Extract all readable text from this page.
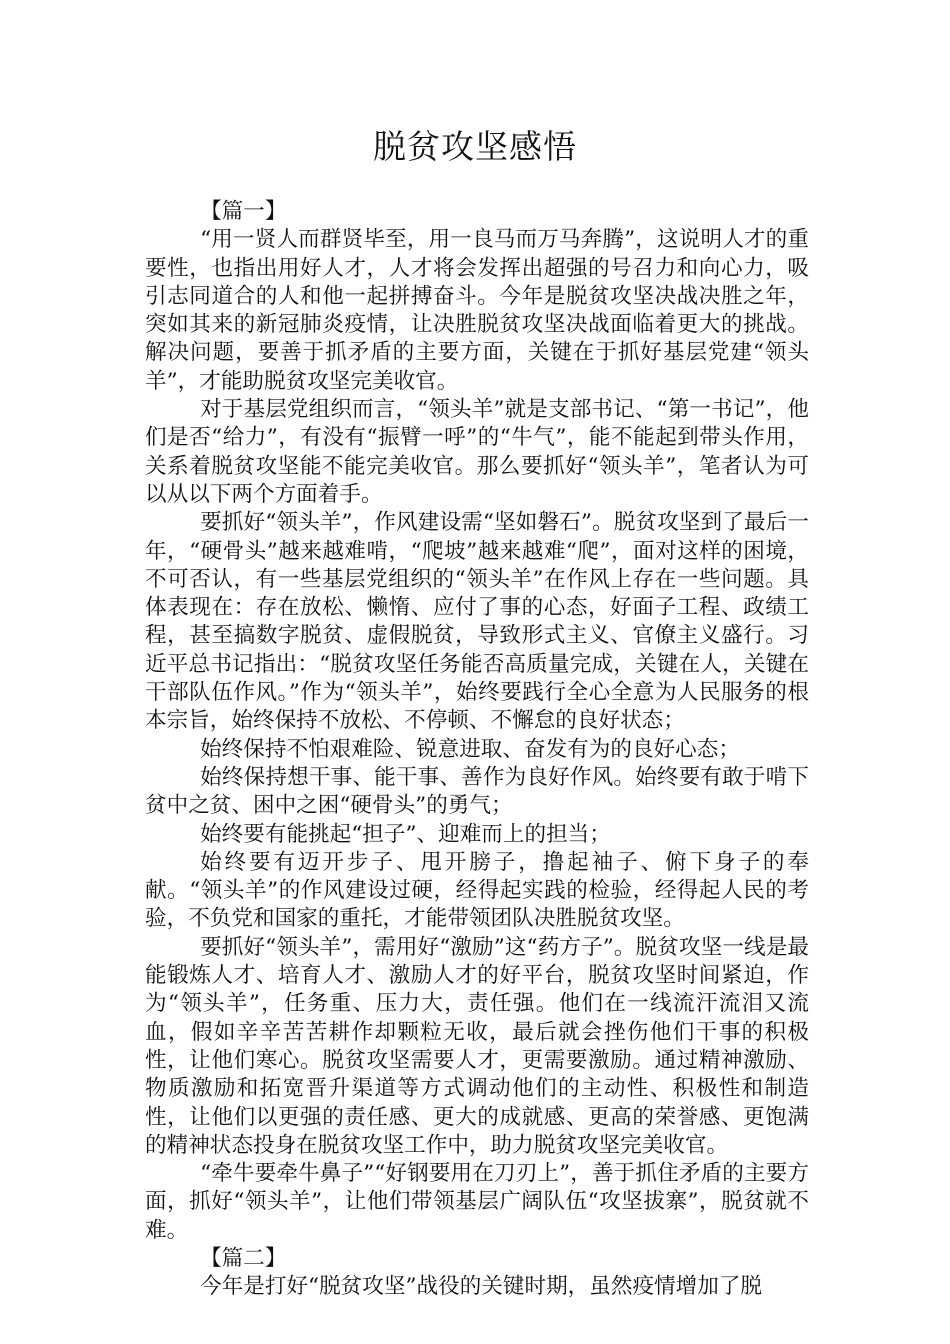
脱贫攻坚感悟

【篇一】

“用一贤人而群贤毕至，用一良马而万马奔腾”，这说明人才的重要性，也指出用好人才，人才将会发挥出超强的号召力和向心力，吸引志同道合的人和他一起拼搏奋斗。今年是脱贫攻坚决战决胜之年，突如其来的新冠肺炎疫情，让决胜脱贫攻坚决战面临着更大的挑战。解决问题，要善于抓矛盾的主要方面，关键在于抓好基层党建“领头羊”，才能助脱贫攻坚完美收官。

对于基层党组织而言，“领头羊”就是支部书记、“第一书记”，他们是否“给力”，有没有“振臂一呼”的“牛气”，能不能起到带头作用，关系着脱贫攻坚能不能完美收官。那么要抓好“领头羊”，笔者认为可以从以下两个方面着手。

要抓好“领头羊”，作风建设需“坚如磐石”。脱贫攻坚到了最后一年，“硬骨头”越来越难啃，“爬坡”越来越难“爬”，面对这样的困境，不可否认，有一些基层党组织的“领头羊”在作风上存在一些问题。具体表现在：存在放松、懒惰、应付了事的心态，好面子工程、政绩工程，甚至搞数字脱贫、虚假脱贫，导致形式主义、官僚主义盛行。习近平总书记指出：“脱贫攻坚任务能否高质量完成，关键在人，关键在干部队伍作风。”作为“领头羊”，始终要践行全心全意为人民服务的根本宗旨，始终保持不放松、不停顿、不懈怠的良好状态；

始终保持不怕艰难险、锐意进取、奋发有为的良好心态；

始终保持想干事、能干事、善作为良好作风。始终要有敢于啃下贫中之贫、困中之困“硬骨头”的勇气；

始终要有能挑起“担子”、迎难而上的担当；

始终要有迈开步子、甩开膀子，撸起袖子、俯下身子的奉献。“领头羊”的作风建设过硬，经得起实践的检验，经得起人民的考验，不负党和国家的重托，才能带领团队决胜脱贫攻坚。

要抓好“领头羊”，需用好“激励”这“药方子”。脱贫攻坚一线是最能锻炼人才、培育人才、激励人才的好平台，脱贫攻坚时间紧迫，作为“领头羊”，任务重、压力大，责任强。他们在一线流汗流泪又流血，假如辛辛苦苦耕作却颗粒无收，最后就会挫伤他们干事的积极性，让他们寒心。脱贫攻坚需要人才，更需要激励。通过精神激励、物质激励和拓宽晋升渠道等方式调动他们的主动性、积极性和制造性，让他们以更强的责任感、更大的成就感、更高的荣誉感、更饱满的精神状态投身在脱贫攻坚工作中，助力脱贫攻坚完美收官。

“牵牛要牵牛鼻子”“好钢要用在刀刃上”，善于抓住矛盾的主要方面，抓好“领头羊”，让他们带领基层广阔队伍“攻坚拔寨”，脱贫就不难。

【篇二】

今年是打好“脱贫攻坚”战役的关键时期，虽然疫情增加了脱
